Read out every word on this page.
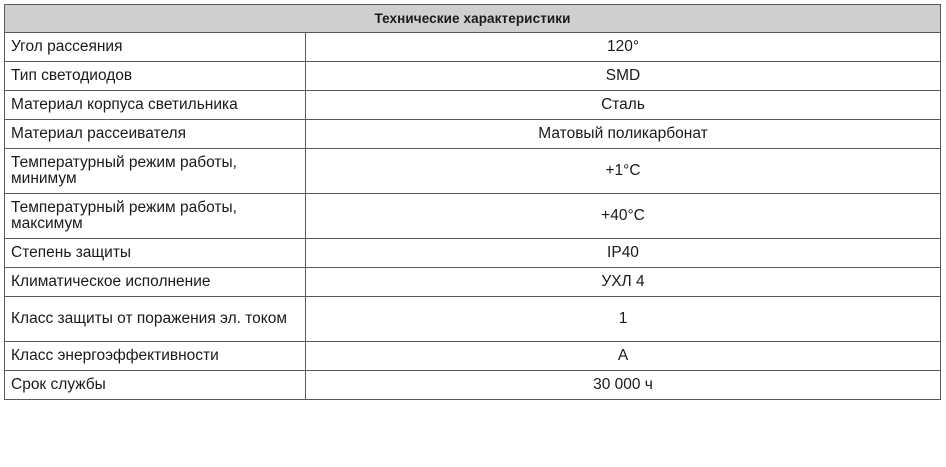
Технические характеристики	
Угол рассеяния	120°
Тип светодиодов	SMD
Материал корпуса светильника	Сталь
Материал рассеивателя	Матовый поликарбонат
Температурный режим работы, минимум	+1°C
Температурный режим работы, максимум	+40°C
Степень защиты	IP40
Климатическое исполнение	УХЛ 4
Класс защиты от поражения эл. током	1
Класс энергоэффективности	A
Срок службы	30 000 ч
